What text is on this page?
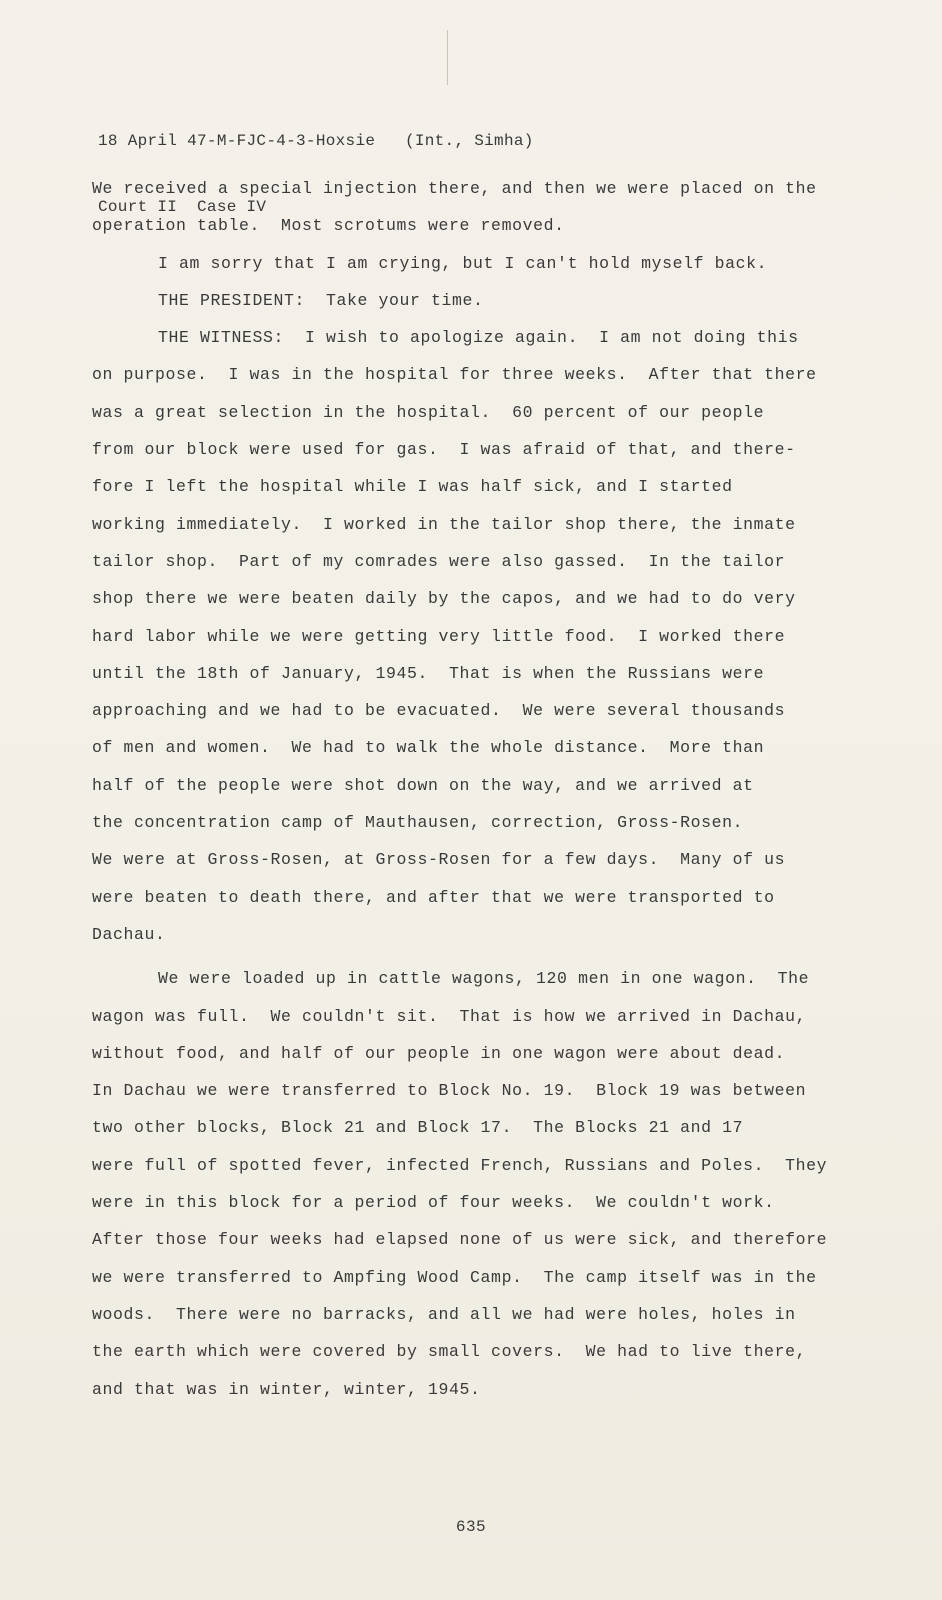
18 April 47-M-FJC-4-3-Hoxsie   (Int., Simha)

Court II  Case IV

We received a special injection there, and then we were placed on the
operation table.  Most scrotums were removed.
I am sorry that I am crying, but I can't hold myself back.
THE PRESIDENT:  Take your time.
THE WITNESS:  I wish to apologize again.  I am not doing this
on purpose.  I was in the hospital for three weeks.  After that there
was a great selection in the hospital.  60 percent of our people
from our block were used for gas.  I was afraid of that, and there-
fore I left the hospital while I was half sick, and I started
working immediately.  I worked in the tailor shop there, the inmate
tailor shop.  Part of my comrades were also gassed.  In the tailor
shop there we were beaten daily by the capos, and we had to do very
hard labor while we were getting very little food.  I worked there
until the 18th of January, 1945.  That is when the Russians were
approaching and we had to be evacuated.  We were several thousands
of men and women.  We had to walk the whole distance.  More than
half of the people were shot down on the way, and we arrived at
the concentration camp of Mauthausen, correction, Gross-Rosen.
We were at Gross-Rosen, at Gross-Rosen for a few days.  Many of us
were beaten to death there, and after that we were transported to
Dachau.
We were loaded up in cattle wagons, 120 men in one wagon.  The
wagon was full.  We couldn't sit.  That is how we arrived in Dachau,
without food, and half of our people in one wagon were about dead.
In Dachau we were transferred to Block No. 19.  Block 19 was between
two other blocks, Block 21 and Block 17.  The Blocks 21 and 17
were full of spotted fever, infected French, Russians and Poles.  They
were in this block for a period of four weeks.  We couldn't work.
After those four weeks had elapsed none of us were sick, and therefore
we were transferred to Ampfing Wood Camp.  The camp itself was in the
woods.  There were no barracks, and all we had were holes, holes in
the earth which were covered by small covers.  We had to live there,
and that was in winter, winter, 1945.
635
